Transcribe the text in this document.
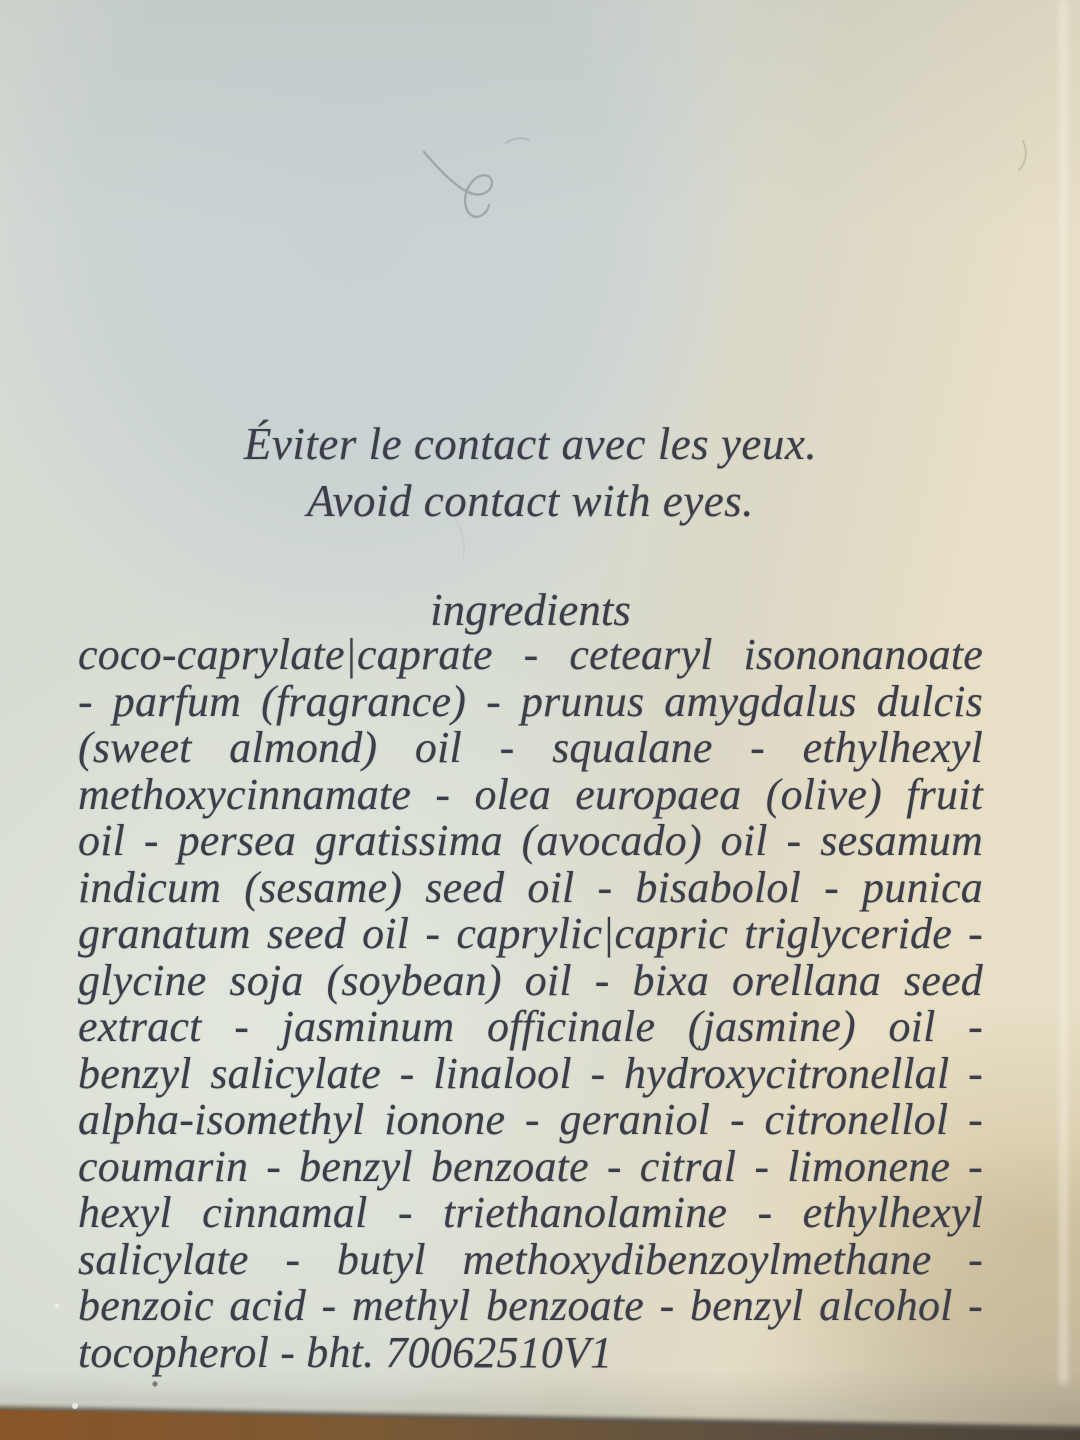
Éviter le contact avec les yeux.
Avoid contact with eyes.
ingredients
coco-caprylate|caprate - cetearyl isononanoate
- parfum (fragrance) - prunus amygdalus dulcis
(sweet almond) oil - squalane - ethylhexyl
methoxycinnamate - olea europaea (olive) fruit
oil - persea gratissima (avocado) oil - sesamum
indicum (sesame) seed oil - bisabolol - punica
granatum seed oil - caprylic|capric triglyceride -
glycine soja (soybean) oil - bixa orellana seed
extract - jasminum officinale (jasmine) oil -
benzyl salicylate - linalool - hydroxycitronellal -
alpha-isomethyl ionone - geraniol - citronellol -
coumarin - benzyl benzoate - citral - limonene -
hexyl cinnamal - triethanolamine - ethylhexyl
salicylate - butyl methoxydibenzoylmethane -
benzoic acid - methyl benzoate - benzyl alcohol -
tocopherol - bht. 70062510V1
